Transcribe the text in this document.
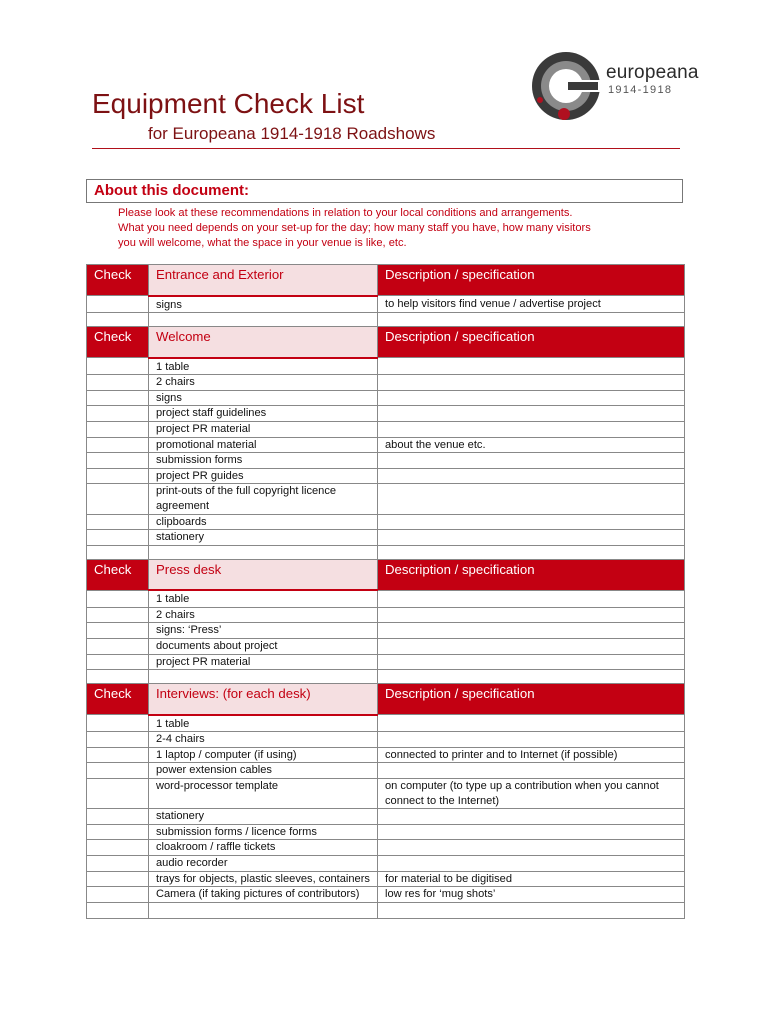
europeana
1914-1918
Equipment Check List
for Europeana 1914-1918 Roadshows
About this document:
Please look at these recommendations in relation to your local conditions and arrangements.
What you need depends on your set-up for the day; how many staff you have, how many visitors
you will welcome, what the space in your venue is like, etc.
Check	Entrance and Exterior	Description / specification
	signs	to help visitors find venue / advertise project

Check	Welcome	Description / specification
	1 table	
	2 chairs	
	signs	
	project staff guidelines	
	project PR material	
	promotional material	about the venue etc.
	submission forms	
	project PR guides	
	print-outs of the full copyright licence agreement	
	clipboards	
	stationery	

Check	Press desk	Description / specification
	1 table	
	2 chairs	
	signs: ‘Press’	
	documents about project	
	project PR material	

Check	Interviews: (for each desk)	Description / specification
	1 table	
	2-4 chairs	
	1 laptop / computer (if using)	connected to printer and to Internet (if possible)
	power extension cables	
	word-processor template	on computer (to type up a contribution when you cannot connect to the Internet)
	stationery	
	submission forms / licence forms	
	cloakroom / raffle tickets	
	audio recorder	
	trays for objects, plastic sleeves, containers	for material to be digitised
	Camera (if taking pictures of contributors)	low res for ‘mug shots’
